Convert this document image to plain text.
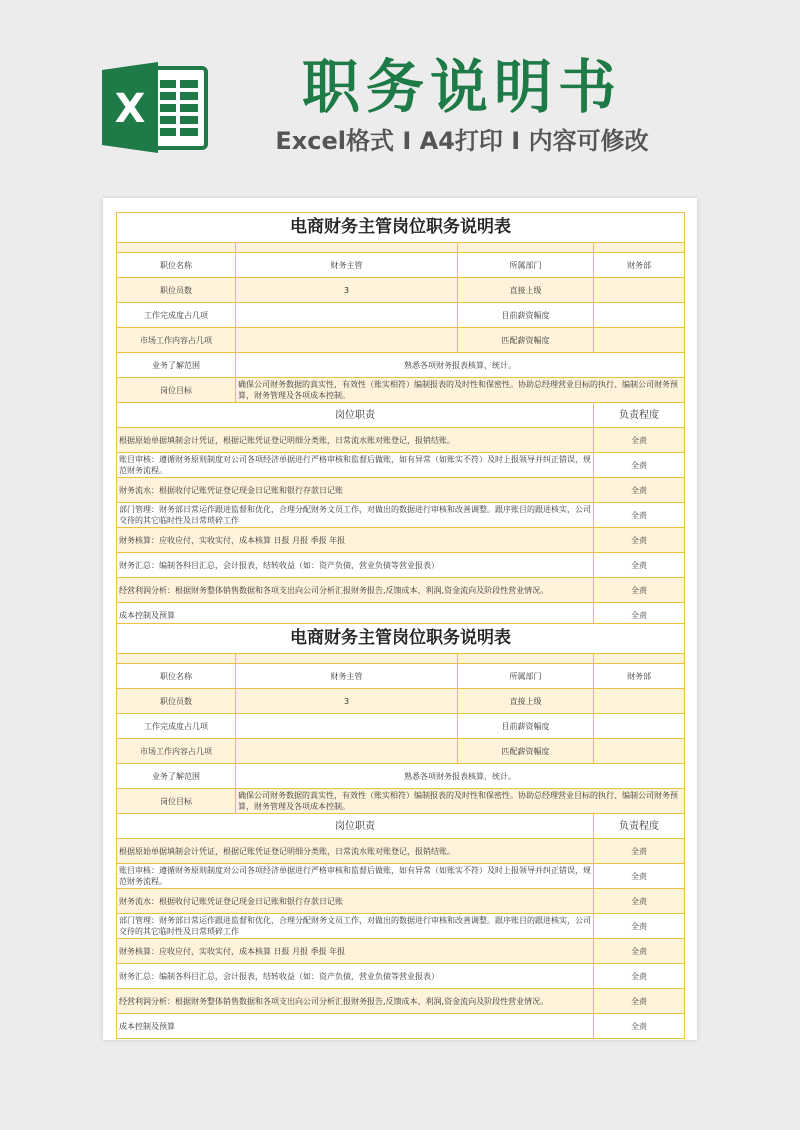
X	职务说明书
Excel格式 I A4打印 I 内容可修改
电商财务主管岗位职务说明表			

职位名称	财务主管	所属部门	财务部
职位员数	3	直接上级	
工作完成度占几项		目前薪资幅度	
市场工作内容占几项		匹配薪资幅度	
业务了解范围	熟悉各项财务报表核算，统计。		
岗位目标	确保公司财务数据的真实性，有效性（账实相符）编制报表的及时性和保密性。协助总经理营业目标的执行、编制公司财务预算，财务管理及各项成本控制。		
岗位职责			负责程度
根据原始单据填制会计凭证，根据记账凭证登记明细分类账，日常流水账对账登记，报销结账。			全责
账目审核：遵循财务原则制度对公司各项经济单据进行严格审核和监督后做账，如有异常（如账实不符）及时上报领导并纠正错误，规范财务流程。			全责
财务流水：根据收付记账凭证登记现金日记账和银行存款日记账			全责
部门管理：财务部日常运作跟进监督和优化，合理分配财务文员工作，对做出的数据进行审核和改善调整。跟序账目的跟进核实，公司交待的其它临时性及日常琐碎工作			全责
财务核算：应收应付，实收实付，成本核算 日报 月报 季报 年报			全责
财务汇总：编制各科目汇总，会计报表，结转收益（如：资产负债，营业负债等营业报表）			全责
经营利润分析：根据财务整体销售数据和各项支出向公司分析汇报财务报告,反馈成本、利润,资金流向及阶段性营业情况。			全责
成本控制及预算			全责
电商财务主管岗位职务说明表			

职位名称	财务主管	所属部门	财务部
职位员数	3	直接上级	
工作完成度占几项		目前薪资幅度	
市场工作内容占几项		匹配薪资幅度	
业务了解范围	熟悉各项财务报表核算，统计。		
岗位目标	确保公司财务数据的真实性，有效性（账实相符）编制报表的及时性和保密性。协助总经理营业目标的执行、编制公司财务预算，财务管理及各项成本控制。		
岗位职责			负责程度
根据原始单据填制会计凭证，根据记账凭证登记明细分类账，日常流水账对账登记，报销结账。			全责
账目审核：遵循财务原则制度对公司各项经济单据进行严格审核和监督后做账，如有异常（如账实不符）及时上报领导并纠正错误，规范财务流程。			全责
财务流水：根据收付记账凭证登记现金日记账和银行存款日记账			全责
部门管理：财务部日常运作跟进监督和优化，合理分配财务文员工作，对做出的数据进行审核和改善调整。跟序账目的跟进核实，公司交待的其它临时性及日常琐碎工作			全责
财务核算：应收应付，实收实付，成本核算 日报 月报 季报 年报			全责
财务汇总：编制各科目汇总，会计报表，结转收益（如：资产负债，营业负债等营业报表）			全责
经营利润分析：根据财务整体销售数据和各项支出向公司分析汇报财务报告,反馈成本、利润,资金流向及阶段性营业情况。			全责
成本控制及预算			全责
